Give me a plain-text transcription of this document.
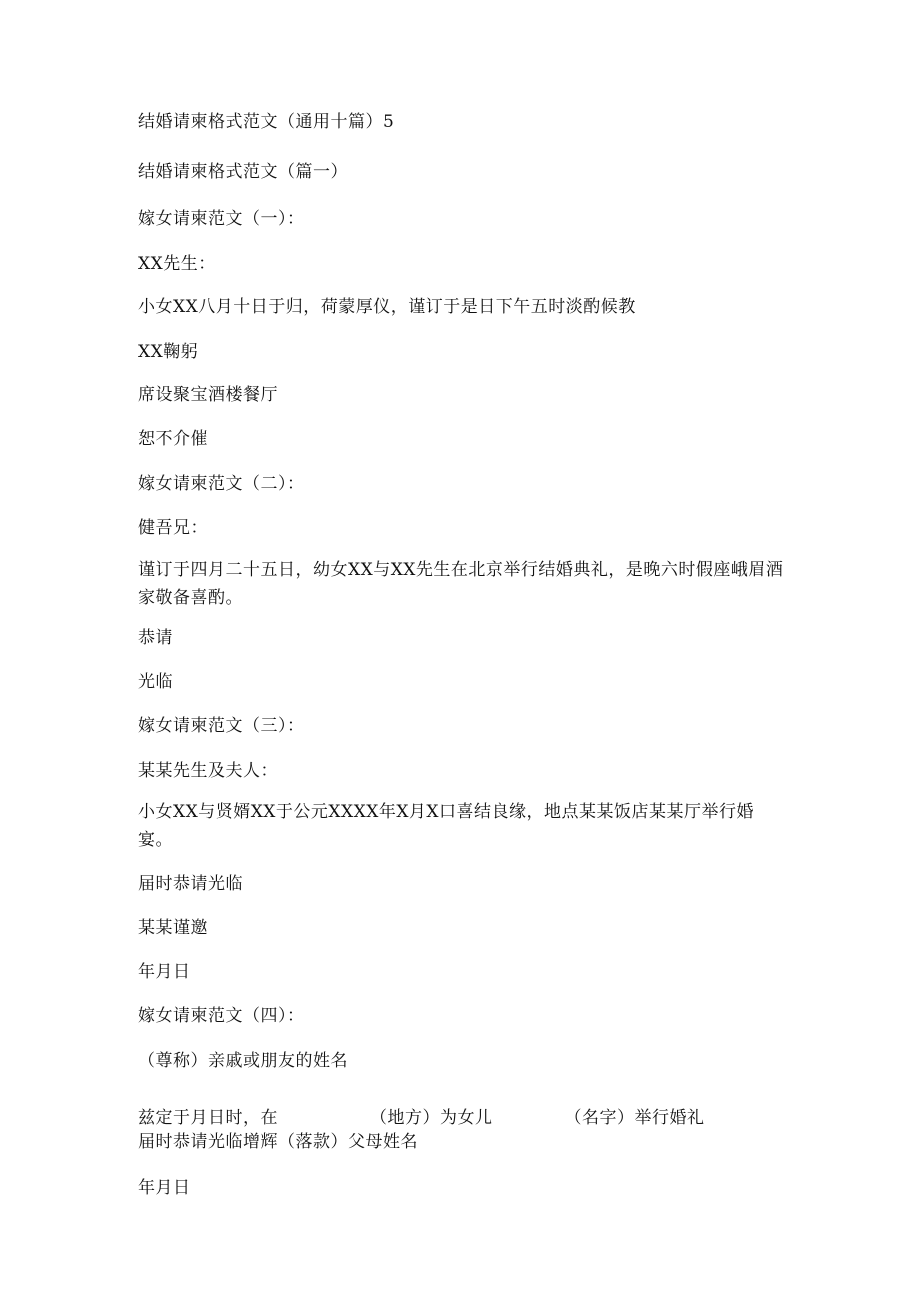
结婚请柬格式范文（通用十篇）5
结婚请柬格式范文（篇一）
嫁女请柬范文（一）：
XX先生：
小女XX八月十日于归，荷蒙厚仪，谨订于是日下午五时淡酌候教
XX鞠躬
席设聚宝酒楼餐厅
恕不介催
嫁女请柬范文（二）：
健吾兄：
谨订于四月二十五日，幼女XX与XX先生在北京举行结婚典礼，是晚六时假座峨眉酒家敬备喜酌。
恭请
光临
嫁女请柬范文（三）：
某某先生及夫人：
小女XX与贤婿XX于公元XXXX年X月X口喜结良缘，地点某某饭店某某厅举行婚宴。
届时恭请光临
某某谨邀
年月日
嫁女请柬范文（四）：
（尊称）亲戚或朋友的姓名
兹定于月日时，在	（地方）为女儿	（名字）举行婚礼
届时恭请光临增辉（落款）父母姓名
年月日
